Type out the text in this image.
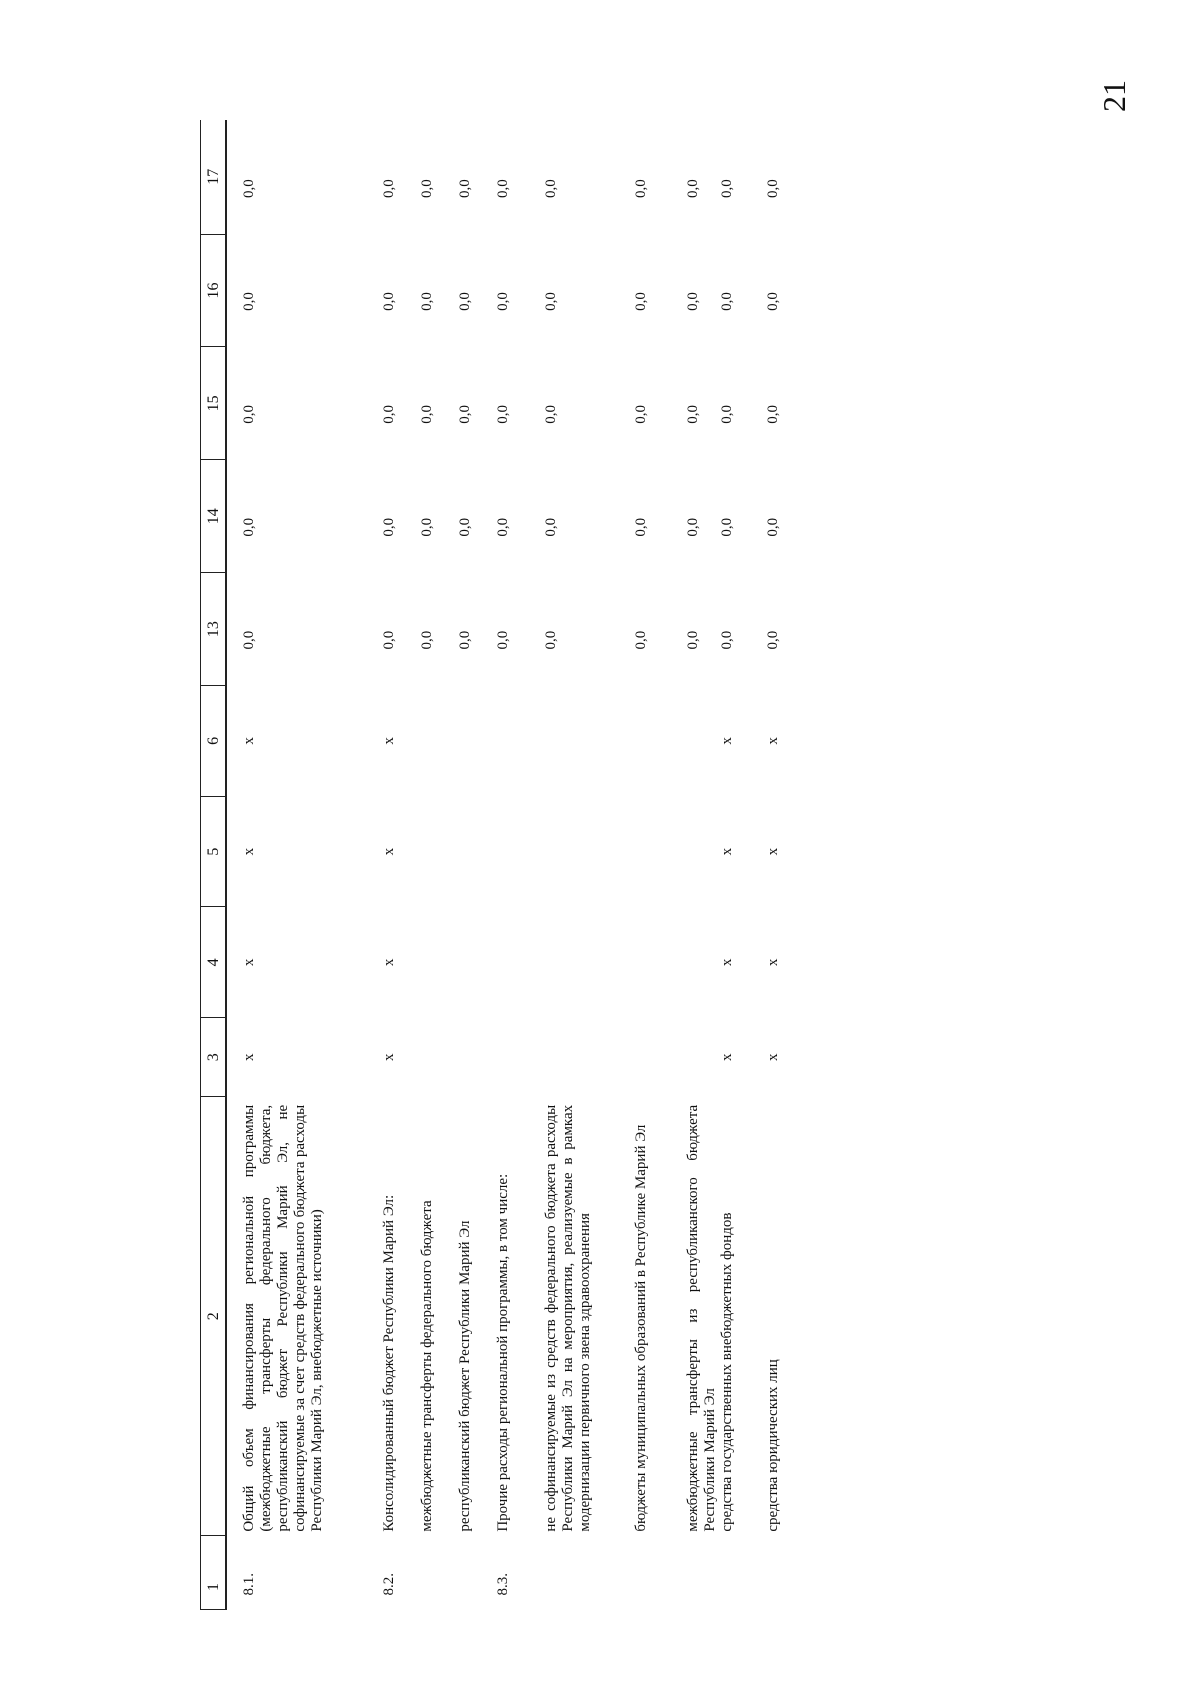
21
1	2	3	4	5	6	13	14	15	16	17
8.1.	Общий объем финансирования региональной программы (межбюджетные трансферты федерального бюджета, республиканский бюджет Республики Марий Эл, не софинансируемые за счет средств федерального бюджета расходы Республики Марий Эл, внебюджетные источники)	x	x	x	x	0,0	0,0	0,0	0,0	0,0
8.2.	Консолидированный бюджет Республики Марий Эл:	x	x	x	x	0,0	0,0	0,0	0,0	0,0
	межбюджетные трансферты федерального бюджета					0,0	0,0	0,0	0,0	0,0
	республиканский бюджет Республики Марий Эл					0,0	0,0	0,0	0,0	0,0
8.3.	Прочие расходы региональной программы, в том числе:					0,0	0,0	0,0	0,0	0,0
	не софинансируемые из средств федерального бюджета расходы Республики Марий Эл на мероприятия, реализуемые в рамках модернизации первичного звена здравоохранения					0,0	0,0	0,0	0,0	0,0
	бюджеты муниципальных образований в Республике Марий Эл					0,0	0,0	0,0	0,0	0,0
	межбюджетные трансферты из республиканского бюджета Республики Марий Эл					0,0	0,0	0,0	0,0	0,0
	средства государственных внебюджетных фондов	x	x	x	x	0,0	0,0	0,0	0,0	0,0
	средства юридических лиц	x	x	x	x	0,0	0,0	0,0	0,0	0,0
